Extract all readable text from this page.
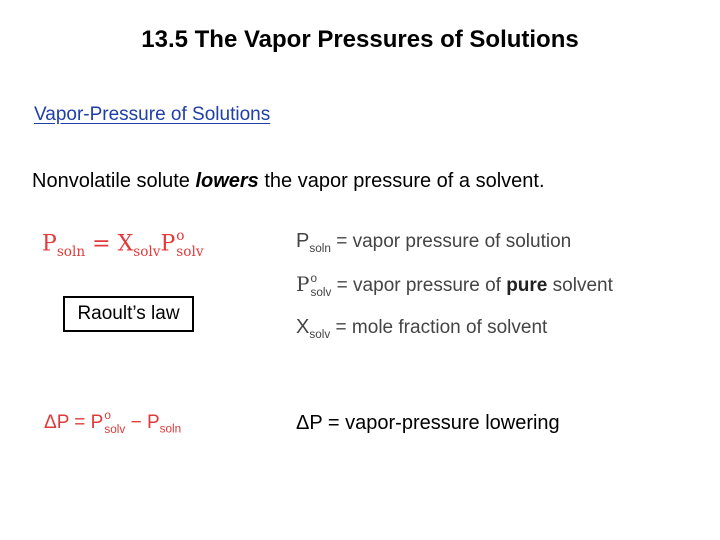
13.5 The Vapor Pressures of Solutions
Vapor-Pressure of Solutions
Nonvolatile solute lowers the vapor pressure of a solvent.
$P_{soln} = X_{solv}P$ o
solv
Raoult’s law
ΔP = P o
solv − $P_{soln}$
$P_{soln}$ = vapor pressure of solution
P o
solv = vapor pressure of pure solvent
$X_{solv}$ = mole fraction of solvent
ΔP = vapor-pressure lowering
